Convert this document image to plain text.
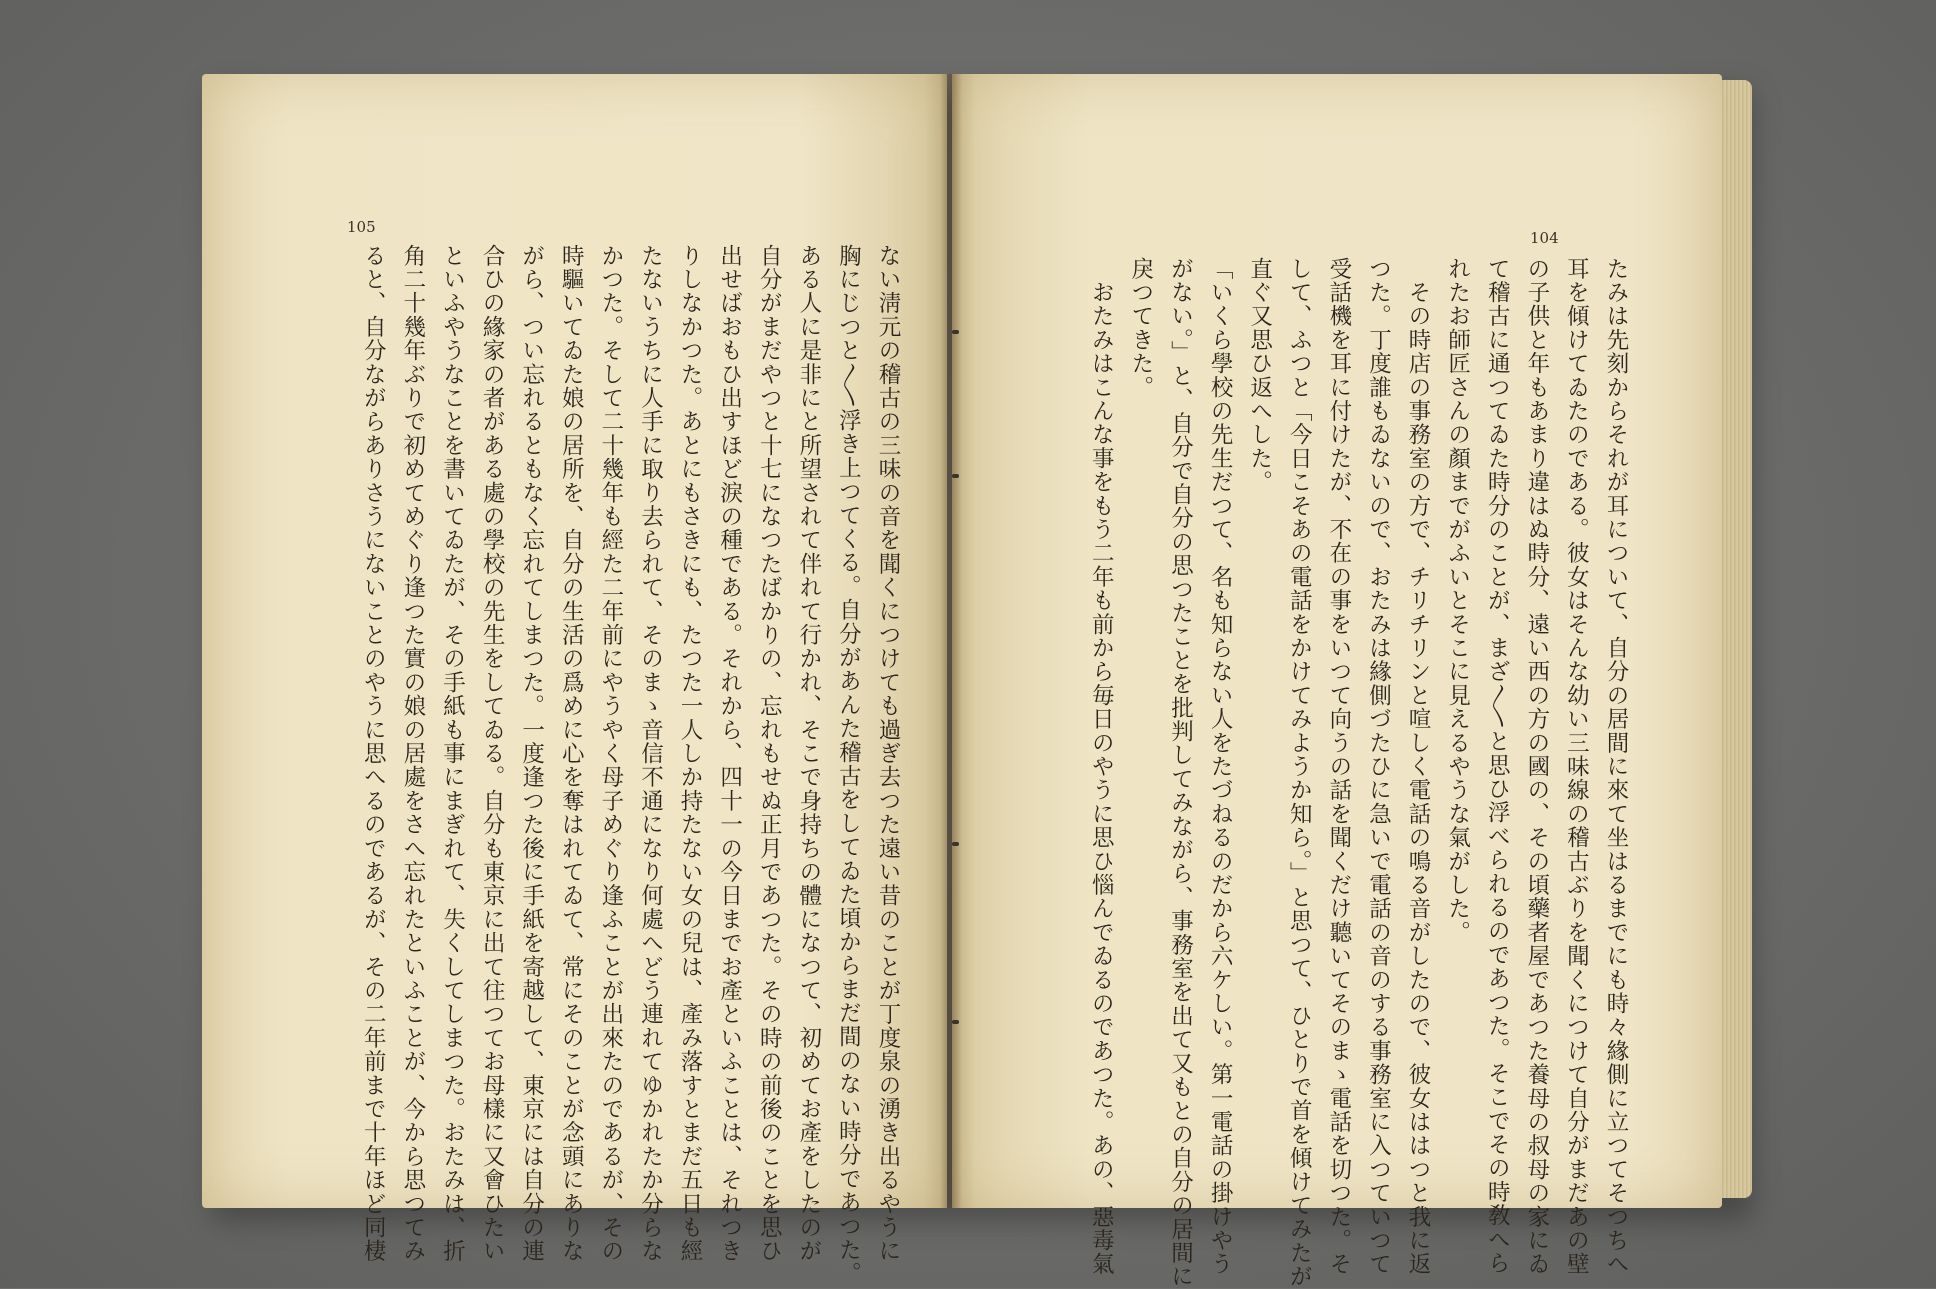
105
ない淸元の稽古の三味の音を聞くにつけても過ぎ去つた遠い昔のことが丁度泉の湧き出るやうに
胸にじつと〳〵浮き上つてくる。自分があんた稽古をしてゐた頃からまだ間のない時分であつた。
ある人に是非にと所望されて伴れて行かれ、そこで身持ちの體になつて、初めてお產をしたのが
自分がまだやつと十七になつたばかりの、忘れもせぬ正月であつた。その時の前後のことを思ひ
出せばおもひ出すほど淚の種である。それから、四十一の今日までお產といふことは、それつき
りしなかつた。あとにもさきにも、たつた一人しか持たない女の兒は、產み落すとまだ五日も經
たないうちに人手に取り去られて、そのまゝ音信不通になり何處へどう連れてゆかれたか分らな
かつた。そして二十幾年も經た二年前にやうやく母子めぐり逢ふことが出來たのであるが、その
時驅いてゐた娘の居所を、自分の生活の爲めに心を奪はれてゐて、常にそのことが念頭にありな
がら、つい忘れるともなく忘れてしまつた。一度逢つた後に手紙を寄越して、東京には自分の連
合ひの緣家の者がある處の學校の先生をしてゐる。自分も東京に出て往つてお母樣に又會ひたい
といふやうなことを書いてゐたが、その手紙も事にまぎれて、失くしてしまつた。おたみは、折
角二十幾年ぶりで初めてめぐり逢つた實の娘の居處をさへ忘れたといふことが、今から思つてみ
ると、自分ながらありさうにないことのやうに思へるのであるが、その二年前まで十年ほど同棲
104
たみは先刻からそれが耳について、自分の居間に來て坐はるまでにも時々緣側に立つてそつちへ
耳を傾けてゐたのである。彼女はそんな幼い三味線の稽古ぶりを聞くにつけて自分がまだあの壁
の子供と年もあまり違はぬ時分、遠い西の方の國の、その頃藥者屋であつた養母の叔母の家にゐ
て稽古に通つてゐた時分のことが、まざ〳〵と思ひ浮べられるのであつた。そこでその時敎へら
れたお師匠さんの顏までがふいとそこに見えるやうな氣がした。
　その時店の事務室の方で、チリチリンと喧しく電話の鳴る音がしたので、彼女ははつと我に返
つた。丁度誰もゐないので、おたみは緣側づたひに急いで電話の音のする事務室に入つていつて
受話機を耳に付けたが、不在の事をいつて向うの話を聞くだけ聽いてそのまゝ電話を切つた。そ
して、ふつと「今日こそあの電話をかけてみようか知ら。」と思つて、ひとりで首を傾けてみたが
直ぐ又思ひ返へした。
「いくら學校の先生だつて、名も知らない人をたづねるのだから六ケしい。第一電話の掛けやう
がない。」と、自分で自分の思つたことを批判してみながら、事務室を出て又もとの自分の居間に
戾つてきた。
　おたみはこんな事をもう二年も前から毎日のやうに思ひ惱んでゐるのであつた。あの、惡毒氣
